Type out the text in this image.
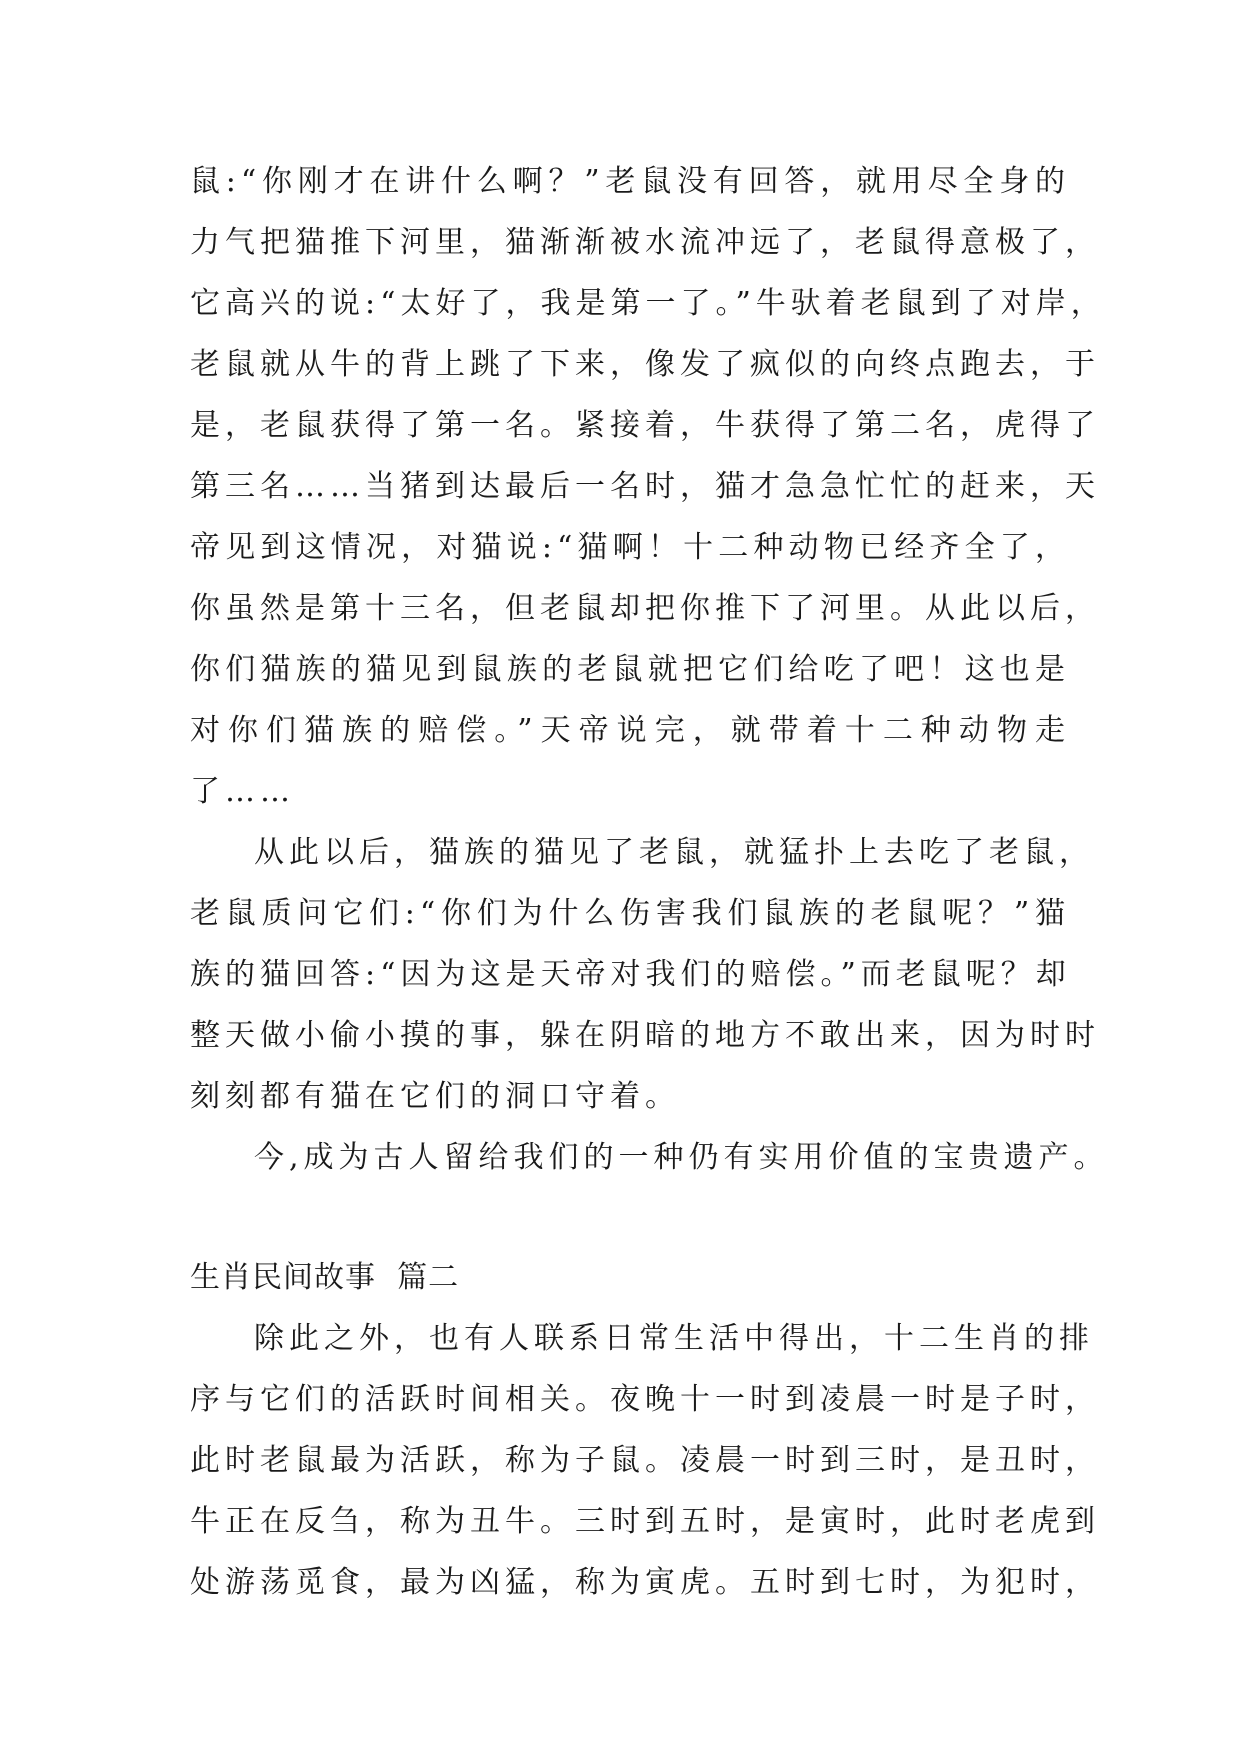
鼠:“你刚才在讲什么啊？”老鼠没有回答，就用尽全身的
力气把猫推下河里，猫渐渐被水流冲远了，老鼠得意极了，
它高兴的说:“太好了，我是第一了。”牛驮着老鼠到了对岸，
老鼠就从牛的背上跳了下来，像发了疯似的向终点跑去，于
是，老鼠获得了第一名。紧接着，牛获得了第二名，虎得了
第三名……当猪到达最后一名时，猫才急急忙忙的赶来，天
帝见到这情况，对猫说:“猫啊！十二种动物已经齐全了，
你虽然是第十三名，但老鼠却把你推下了河里。从此以后，
你们猫族的猫见到鼠族的老鼠就把它们给吃了吧！这也是
对你们猫族的赔偿。”天帝说完，就带着十二种动物走
了……
从此以后，猫族的猫见了老鼠，就猛扑上去吃了老鼠，
老鼠质问它们:“你们为什么伤害我们鼠族的老鼠呢？”猫
族的猫回答:“因为这是天帝对我们的赔偿。”而老鼠呢？却
整天做小偷小摸的事，躲在阴暗的地方不敢出来，因为时时
刻刻都有猫在它们的洞口守着。
今,成为古人留给我们的一种仍有实用价值的宝贵遗产。
生肖民间故事  篇二
除此之外，也有人联系日常生活中得出，十二生肖的排
序与它们的活跃时间相关。夜晚十一时到凌晨一时是子时，
此时老鼠最为活跃，称为子鼠。凌晨一时到三时，是丑时，
牛正在反刍，称为丑牛。三时到五时，是寅时，此时老虎到
处游荡觅食，最为凶猛，称为寅虎。五时到七时，为犯时，
